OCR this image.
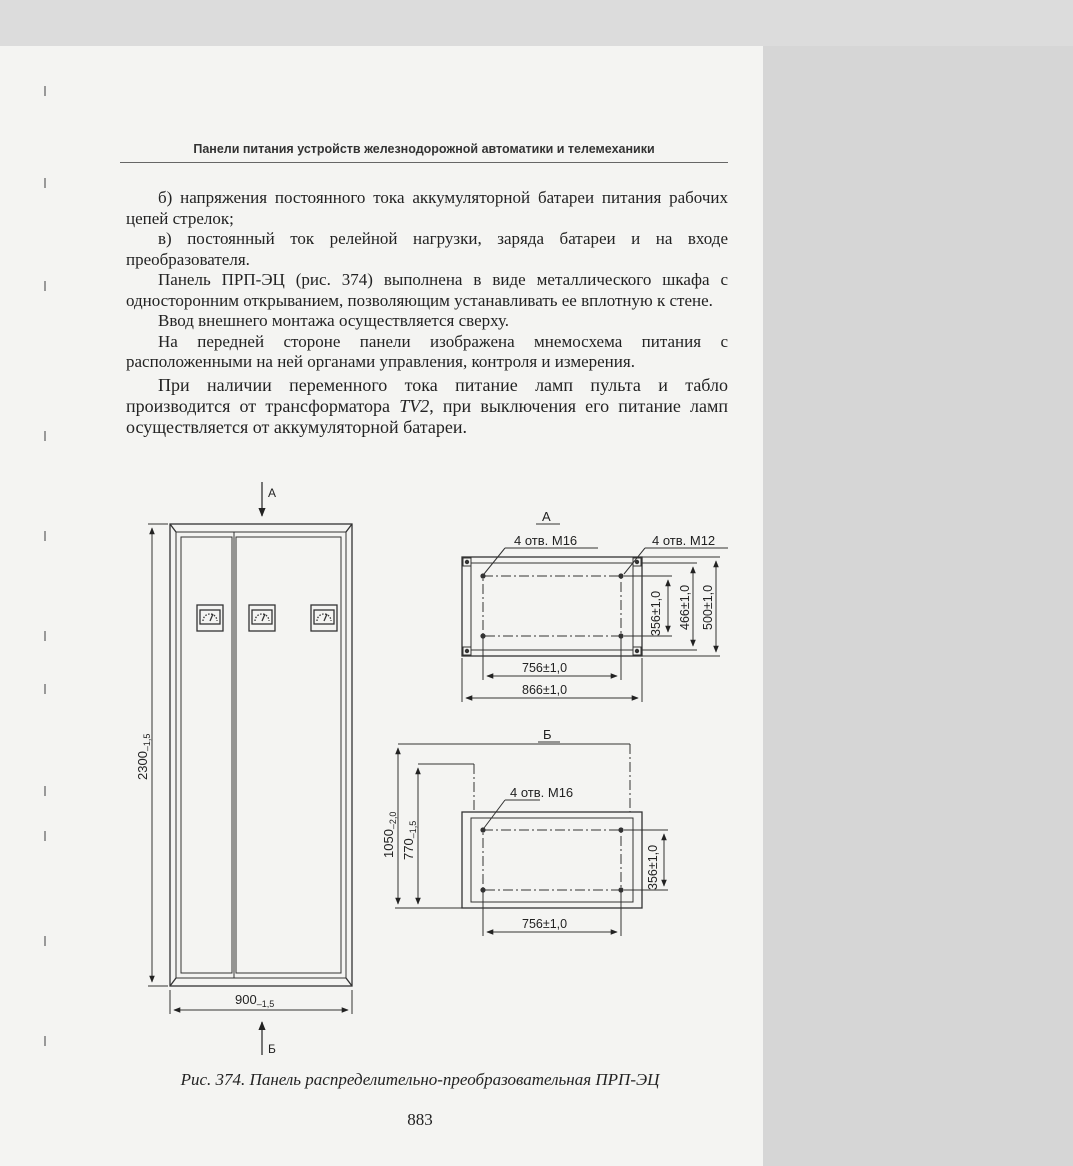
Панели питания устройств железнодорожной автоматики и телемеханики

б) напряжения постоянного тока аккумуляторной батареи питания рабочих цепей стрелок;

в) постоянный ток релейной нагрузки, заряда батареи и на входе преобразователя.

Панель ПРП-ЭЦ (рис. 374) выполнена в виде металлического шкафа с односторонним открыванием, позволяющим устанавливать ее вплотную к стене.

Ввод внешнего монтажа осуществляется сверху.

На передней стороне панели изображена мнемосхема питания с расположенными на ней органами управления, контроля и измерения.

При наличии переменного тока питание ламп пульта и табло производится от трансформатора TV2, при выключения его питание ламп осуществляется от аккумуляторной батареи.

Рис. 374. Панель распределительно-преобразовательная ПРП-ЭЦ
883
А
Б
$2300_{-1,5}$
$900_{-1,5}$
А
4 отв. М16	4 отв. М12
356±1,0 466±1,0 500±1,0
756±1,0
866±1,0
Б
4 отв. М16
$1050_{-2,0}$
$770_{-1,5}$
356±1,0
756±1,0
